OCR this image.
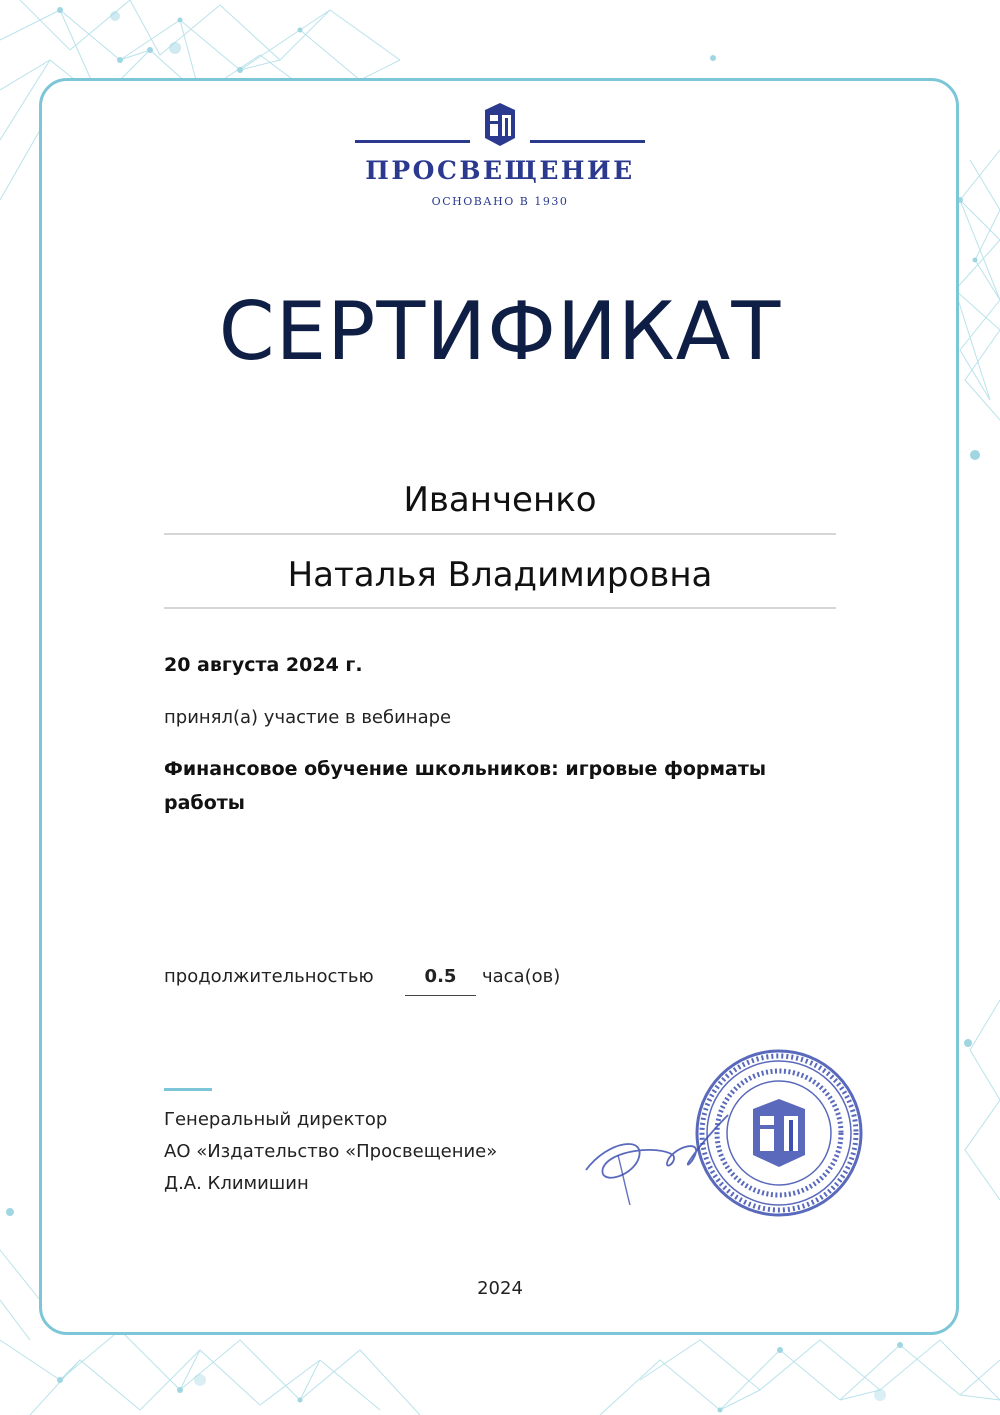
ПРОСВЕЩЕНИЕ
ОСНОВАНО В 1930
СЕРТИФИКАТ
Иванченко
Наталья Владимировна
20 августа 2024 г.
принял(а) участие в вебинаре
Финансовое обучение школьников: игровые форматы работы
продолжительностью	0.5	часа(ов)
Генеральный директор
АО «Издательство «Просвещение»
Д.А. Климишин
2024
